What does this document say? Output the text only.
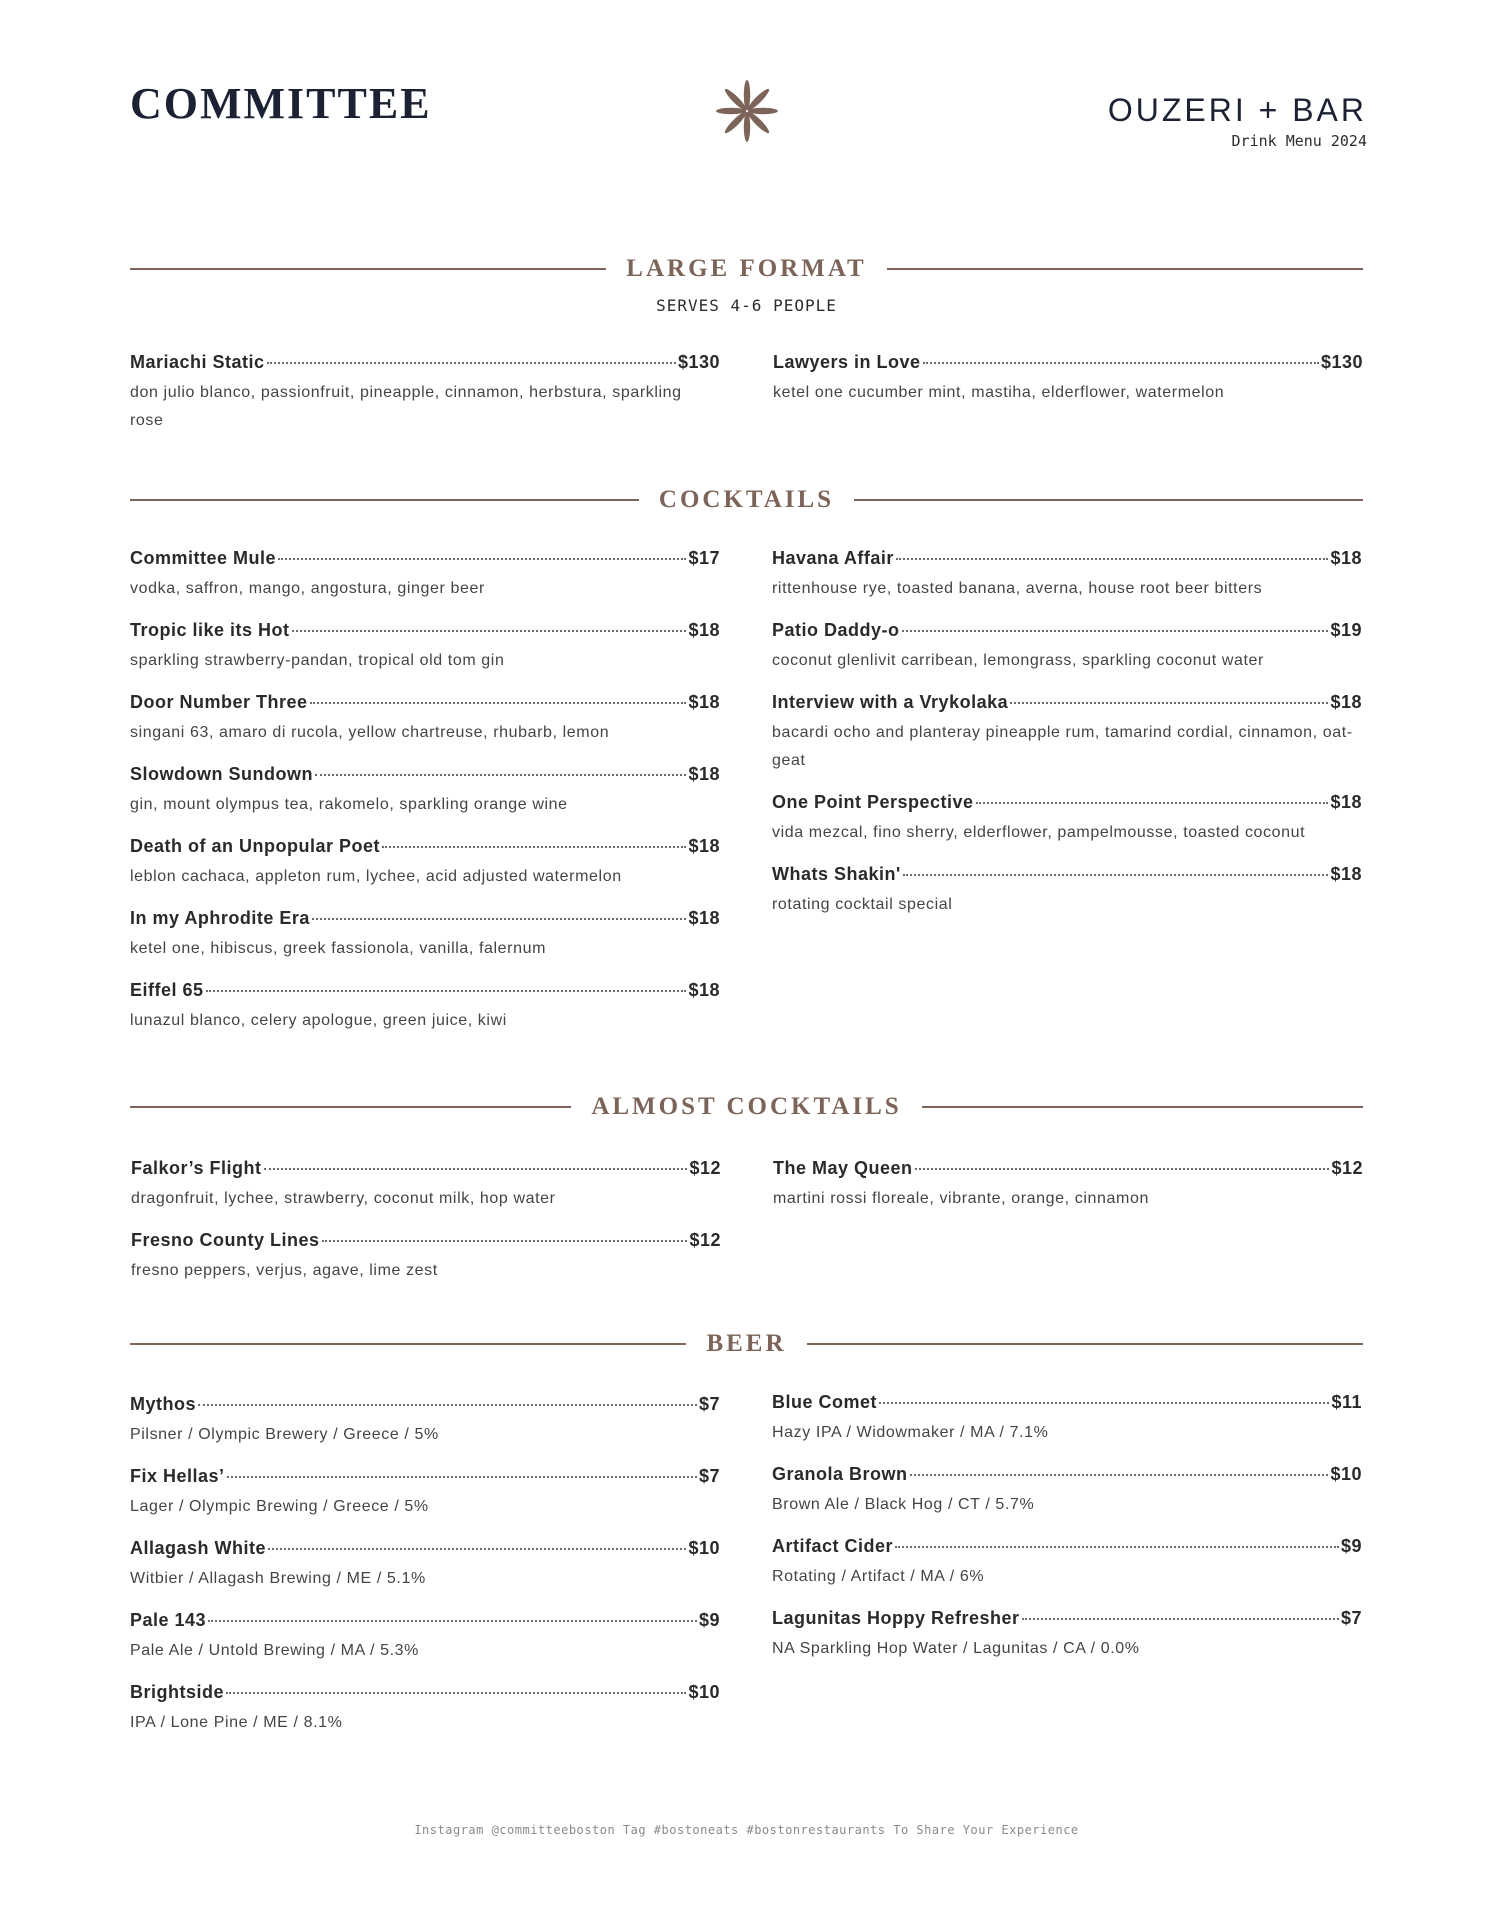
COMMITTEE	OUZERI + BAR
Drink Menu 2024
LARGE FORMAT
SERVES 4-6 PEOPLE
Mariachi Static	$130
don julio blanco, passionfruit, pineapple, cinnamon, herbstura, sparkling rose
Lawyers in Love	$130
ketel one cucumber mint, mastiha, elderflower, watermelon
COCKTAILS
Committee Mule	$17
vodka, saffron, mango, angostura, ginger beer
Tropic like its Hot	$18
sparkling strawberry-pandan, tropical old tom gin
Door Number Three	$18
singani 63, amaro di rucola, yellow chartreuse, rhubarb, lemon
Slowdown Sundown	$18
gin, mount olympus tea, rakomelo, sparkling orange wine
Death of an Unpopular Poet	$18
leblon cachaca, appleton rum, lychee, acid adjusted watermelon
In my Aphrodite Era	$18
ketel one, hibiscus, greek fassionola, vanilla, falernum
Eiffel 65	$18
lunazul blanco, celery apologue, green juice, kiwi
Havana Affair	$18
rittenhouse rye, toasted banana, averna, house root beer bitters
Patio Daddy-o	$19
coconut glenlivit carribean, lemongrass, sparkling coconut water
Interview with a Vrykolaka	$18
bacardi ocho and planteray pineapple rum, tamarind cordial, cinnamon, oat-geat
One Point Perspective	$18
vida mezcal, fino sherry, elderflower, pampelmousse, toasted coconut
Whats Shakin'	$18
rotating cocktail special
ALMOST COCKTAILS
Falkor’s Flight	$12
dragonfruit, lychee, strawberry, coconut milk, hop water
Fresno County Lines	$12
fresno peppers, verjus, agave, lime zest
The May Queen	$12
martini rossi floreale, vibrante, orange, cinnamon
BEER
Mythos	$7
Pilsner / Olympic Brewery / Greece / 5%
Fix Hellas’	$7
Lager / Olympic Brewing / Greece / 5%
Allagash White	$10
Witbier / Allagash Brewing / ME / 5.1%
Pale 143	$9
Pale Ale / Untold Brewing / MA / 5.3%
Brightside	$10
IPA / Lone Pine / ME / 8.1%
Blue Comet	$11
Hazy IPA / Widowmaker / MA / 7.1%
Granola Brown	$10
Brown Ale / Black Hog / CT / 5.7%
Artifact Cider	$9
Rotating / Artifact / MA / 6%
Lagunitas Hoppy Refresher	$7
NA Sparkling Hop Water / Lagunitas / CA / 0.0%
Instagram @committeeboston Tag #bostoneats #bostonrestaurants To Share Your Experience
